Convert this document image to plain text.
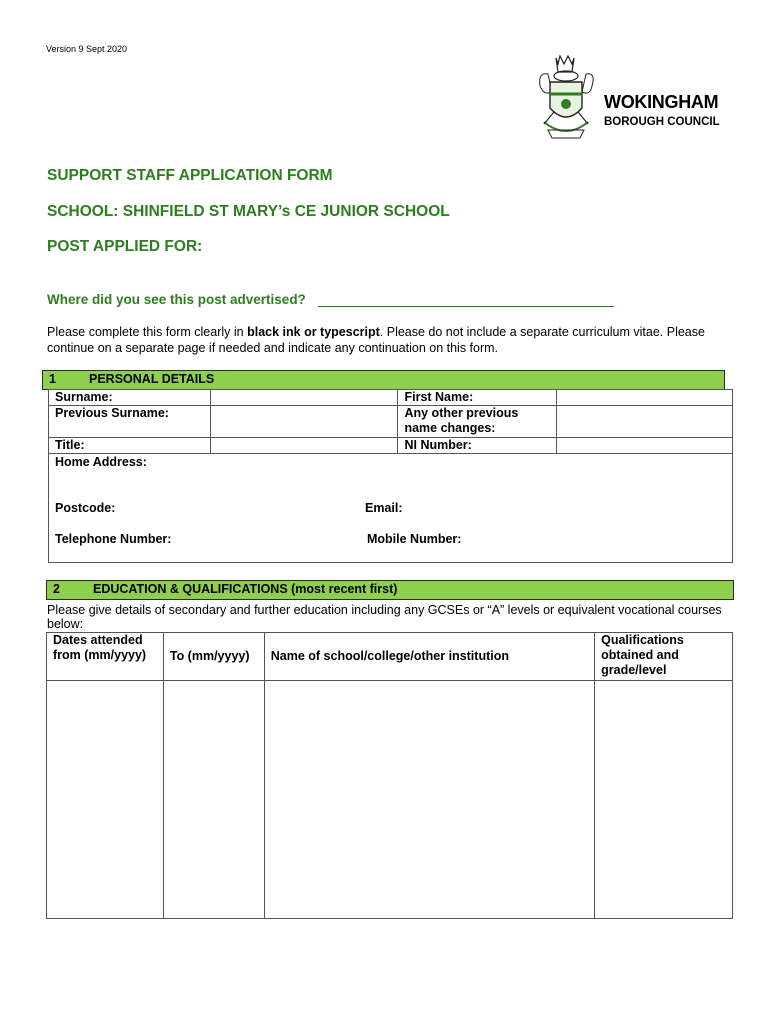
Version 9 Sept 2020
WOKINGHAM
BOROUGH COUNCIL
SUPPORT STAFF APPLICATION FORM
SCHOOL: SHINFIELD ST MARY’s CE JUNIOR SCHOOL
POST APPLIED FOR:
Where did you see this post advertised?
Please complete this form clearly in black ink or typescript. Please do not include a separate curriculum vitae. Please continue on a separate page if needed and indicate any continuation on this form.
1	PERSONAL DETAILS
Surname:		First Name:	
Previous Surname:		Any other previous name changes:	
Title:		NI Number:	
Home Address:
Postcode:	Email:
Telephone Number:	Mobile Number:
2	EDUCATION & QUALIFICATIONS (most recent first)
Please give details of secondary and further education including any GCSEs or “A” levels or equivalent vocational courses below:
Dates attended from (mm/yyyy)	To (mm/yyyy)	Name of school/college/other institution	Qualifications obtained and grade/level
